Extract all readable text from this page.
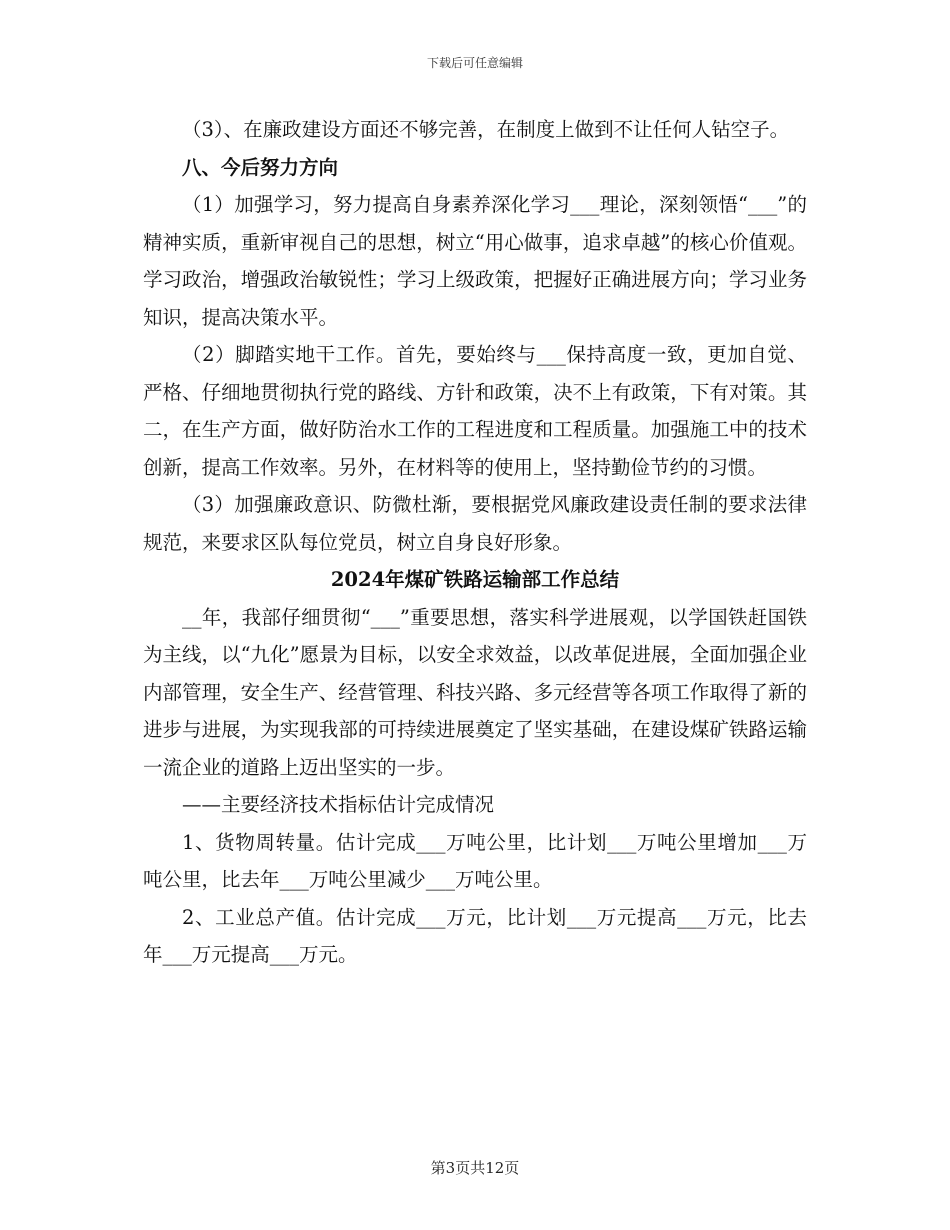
下载后可任意编辑

（3）、在廉政建设方面还不够完善，在制度上做到不让任何人钻空子。

八、今后努力方向

（1）加强学习，努力提高自身素养深化学习___理论，深刻领悟“___”的精神实质，重新审视自己的思想，树立“用心做事，追求卓越”的核心价值观。学习政治，增强政治敏锐性；学习上级政策，把握好正确进展方向；学习业务知识，提高决策水平。

（2）脚踏实地干工作。首先，要始终与___保持高度一致，更加自觉、严格、仔细地贯彻执行党的路线、方针和政策，决不上有政策，下有对策。其二，在生产方面，做好防治水工作的工程进度和工程质量。加强施工中的技术创新，提高工作效率。另外，在材料等的使用上，坚持勤俭节约的习惯。

（3）加强廉政意识、防微杜渐，要根据党风廉政建设责任制的要求法律规范，来要求区队每位党员，树立自身良好形象。

2024年煤矿铁路运输部工作总结

__年，我部仔细贯彻“___”重要思想，落实科学进展观，以学国铁赶国铁为主线，以“九化”愿景为目标，以安全求效益，以改革促进展，全面加强企业内部管理，安全生产、经营管理、科技兴路、多元经营等各项工作取得了新的进步与进展，为实现我部的可持续进展奠定了坚实基础，在建设煤矿铁路运输一流企业的道路上迈出坚实的一步。

——主要经济技术指标估计完成情况

1、货物周转量。估计完成___万吨公里，比计划___万吨公里增加___万吨公里，比去年___万吨公里减少___万吨公里。

2、工业总产值。估计完成___万元，比计划___万元提高___万元，比去年___万元提高___万元。

第3页共12页
